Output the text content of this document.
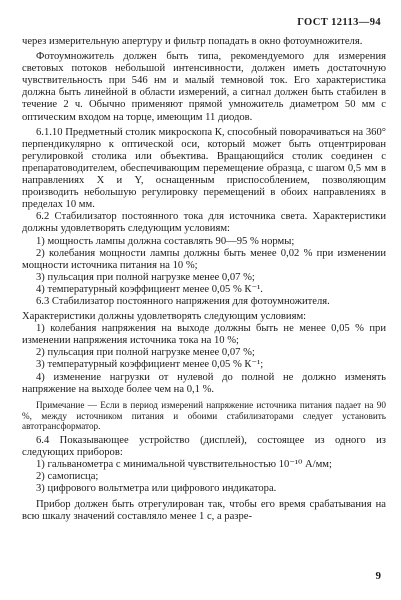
ГОСТ 12113—94

через измерительную апертуру и фильтр попадать в окно фотоумножителя.

Фотоумножитель должен быть типа, рекомендуемого для измерения световых потоков небольшой интенсивности, должен иметь достаточную чувствительность при 546 нм и малый темновой ток. Его характеристика должна быть линейной в области измерений, а сигнал должен быть стабилен в течение 2 ч. Обычно применяют прямой умножитель диаметром 50 мм с оптическим входом на торце, имеющим 11 диодов.

6.1.10 Предметный столик микроскопа К, способный поворачиваться на 360° перпендикулярно к оптической оси, который может быть отцентрирован регулировкой столика или объектива. Вращающийся столик соединен с препаратоводителем, обеспечивающим перемещение образца, с шагом 0,5 мм в направлениях X и Y, оснащенным приспособлением, позволяющим производить небольшую регулировку перемещений в обоих направлениях в пределах 10 мм.

6.2 Стабилизатор постоянного тока для источника света. Характеристики должны удовлетворять следующим условиям:

1) мощность лампы должна составлять 90—95 % нормы;

2) колебания мощности лампы должны быть менее 0,02 % при изменении мощности источника питания на 10 %;

3) пульсация при полной нагрузке менее 0,07 %;

4) температурный коэффициент менее 0,05 % К⁻¹.

6.3 Стабилизатор постоянного напряжения для фотоумножителя.

Характеристики должны удовлетворять следующим условиям:

1) колебания напряжения на выходе должны быть не менее 0,05 % при изменении напряжения источника тока на 10 %;

2) пульсация при полной нагрузке менее 0,07 %;

3) температурный коэффициент менее 0,05 % К⁻¹;

4) изменение нагрузки от нулевой до полной не должно изменять напряжение на выходе более чем на 0,1 %.

Примечание — Если в период измерений напряжение источника питания падает на 90 %, между источником питания и обоими стабилизаторами следует установить автотрансформатор.

6.4 Показывающее устройство (дисплей), состоящее из одного из следующих приборов:

1) гальванометра с минимальной чувствительностью 10⁻¹⁰ А/мм;

2) самописца;

3) цифрового вольтметра или цифрового индикатора.

Прибор должен быть отрегулирован так, чтобы его время срабатывания на всю шкалу значений составляло менее 1 с, а разре-

9
